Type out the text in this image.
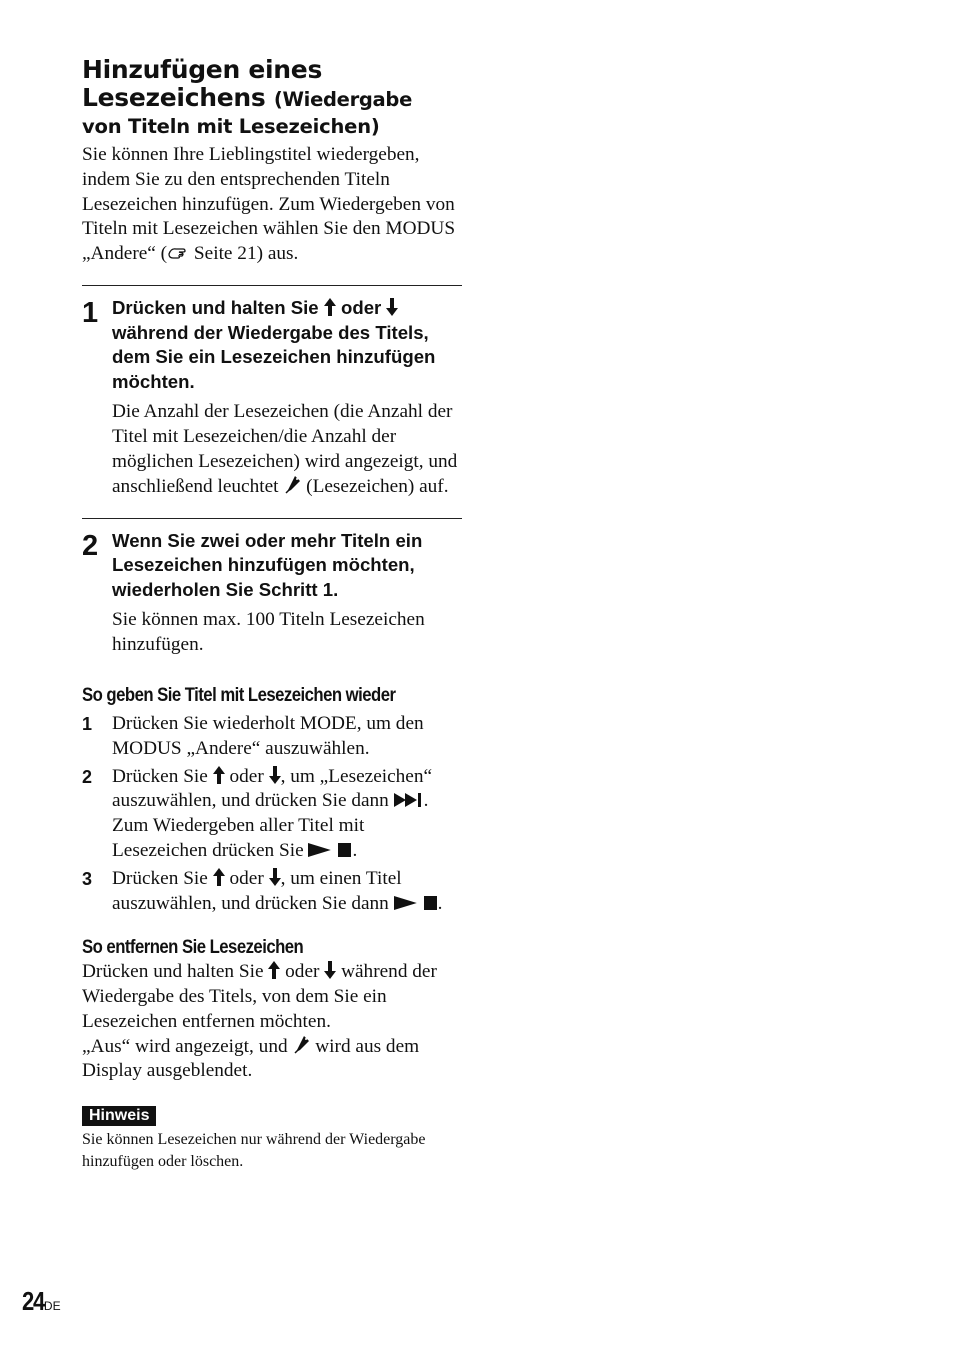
Hinzufügen eines
Lesezeichens (Wiedergabe

von Titeln mit Lesezeichen)

Sie können Ihre Lieblingstitel wiedergeben, indem Sie zu den entsprechenden Titeln Lesezeichen hinzufügen. Zum Wiedergeben von Titeln mit Lesezeichen wählen Sie den MODUS „Andere“ ( Seite 21) aus.

1 Drücken und halten Sie  oder  während der Wiedergabe des Titels, dem Sie ein Lesezeichen hinzufügen möchten.

Die Anzahl der Lesezeichen (die Anzahl der Titel mit Lesezeichen/die Anzahl der möglichen Lesezeichen) wird angezeigt, und anschließend leuchtet  (Lesezeichen) auf.

2 Wenn Sie zwei oder mehr Titeln ein Lesezeichen hinzufügen möchten, wiederholen Sie Schritt 1.

Sie können max. 100 Titeln Lesezeichen hinzufügen.

So geben Sie Titel mit Lesezeichen wieder

1 Drücken Sie wiederholt MODE, um den MODUS „Andere“ auszuwählen.
2 Drücken Sie  oder , um „Lesezeichen“ auszuwählen, und drücken Sie dann . Zum Wiedergeben aller Titel mit Lesezeichen drücken Sie .
3 Drücken Sie  oder , um einen Titel auszuwählen, und drücken Sie dann .

So entfernen Sie Lesezeichen

Drücken und halten Sie  oder  während der Wiedergabe des Titels, von dem Sie ein Lesezeichen entfernen möchten.
„Aus“ wird angezeigt, und  wird aus dem Display ausgeblendet.

Hinweis

Sie können Lesezeichen nur während der Wiedergabe hinzufügen oder löschen.

24DE
